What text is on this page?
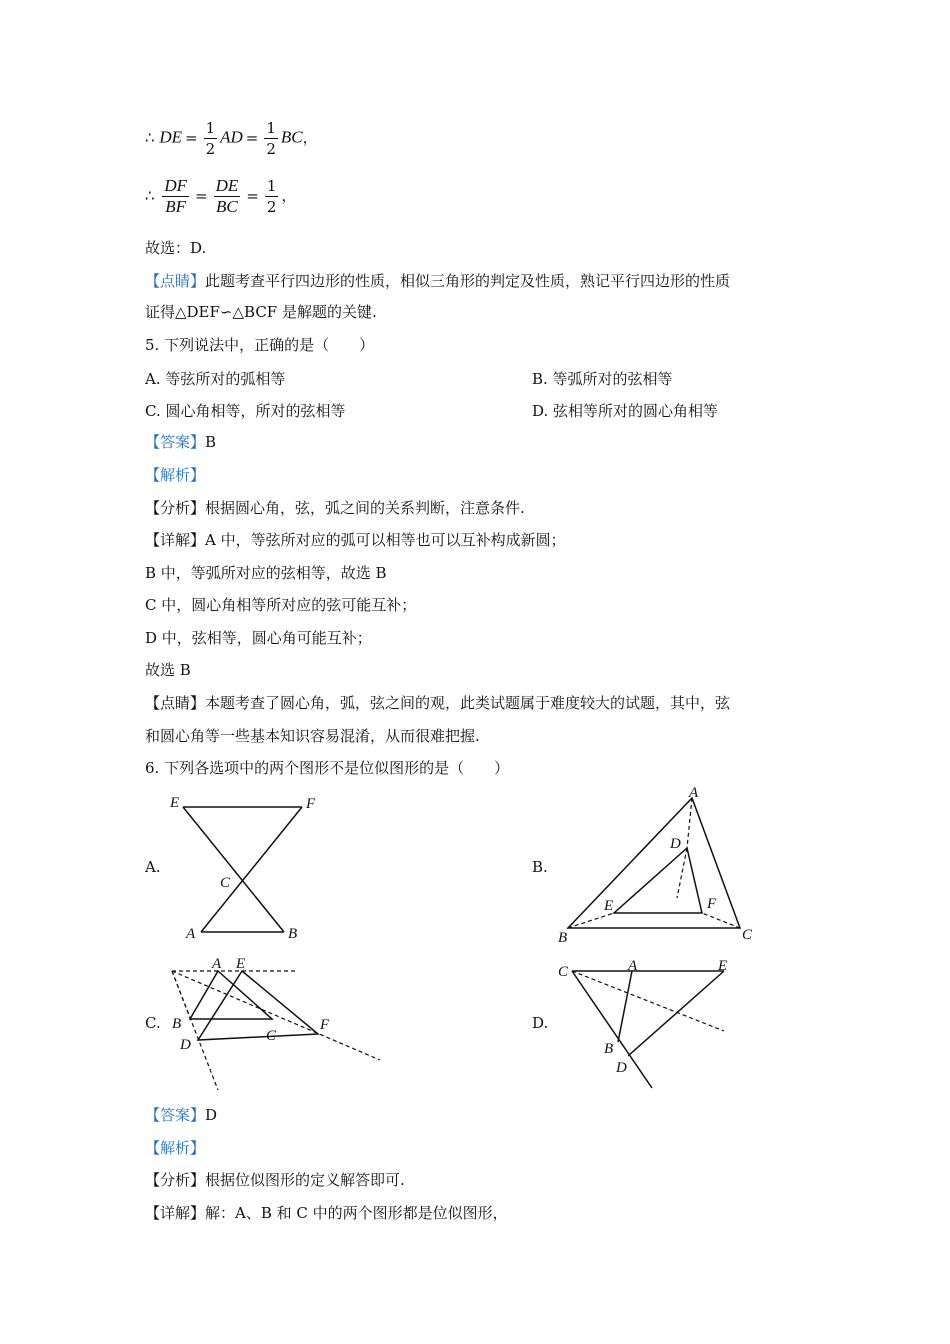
∴ DE = $\frac{1}{2}$ AD = $\frac{1}{2}$ BC，
∴ $\frac{DF}{BF} = \frac{DE}{BC} = \frac{1}{2}$ ，
故选：D.
【点睛】此题考查平行四边形的性质，相似三角形的判定及性质，熟记平行四边形的性质
证得△DEF∽△BCF 是解题的关键.
5. 下列说法中，正确的是（　　）
A. 等弦所对的弧相等	B. 等弧所对的弦相等
C. 圆心角相等，所对的弦相等	D. 弦相等所对的圆心角相等
【答案】B
【解析】
【分析】根据圆心角，弦，弧之间的关系判断，注意条件.
【详解】A 中，等弦所对应的弧可以相等也可以互补构成新圆；
B 中，等弧所对应的弦相等，故选 B
C 中，圆心角相等所对应的弦可能互补；
D 中，弦相等，圆心角可能互补；
故选 B
【点睛】本题考查了圆心角，弧，弦之间的观，此类试题属于难度较大的试题，其中，弦
和圆心角等一些基本知识容易混淆，从而很难把握.
6. 下列各选项中的两个图形不是位似图形的是（　　）
A.	B.
C.	D.
E	F
C
A	B
A
D
E	F
B	C
A E
B
C
D
F
C	A	E
B
D
【答案】D
【解析】
【分析】根据位似图形的定义解答即可.
【详解】解：A、B 和 C 中的两个图形都是位似图形，
